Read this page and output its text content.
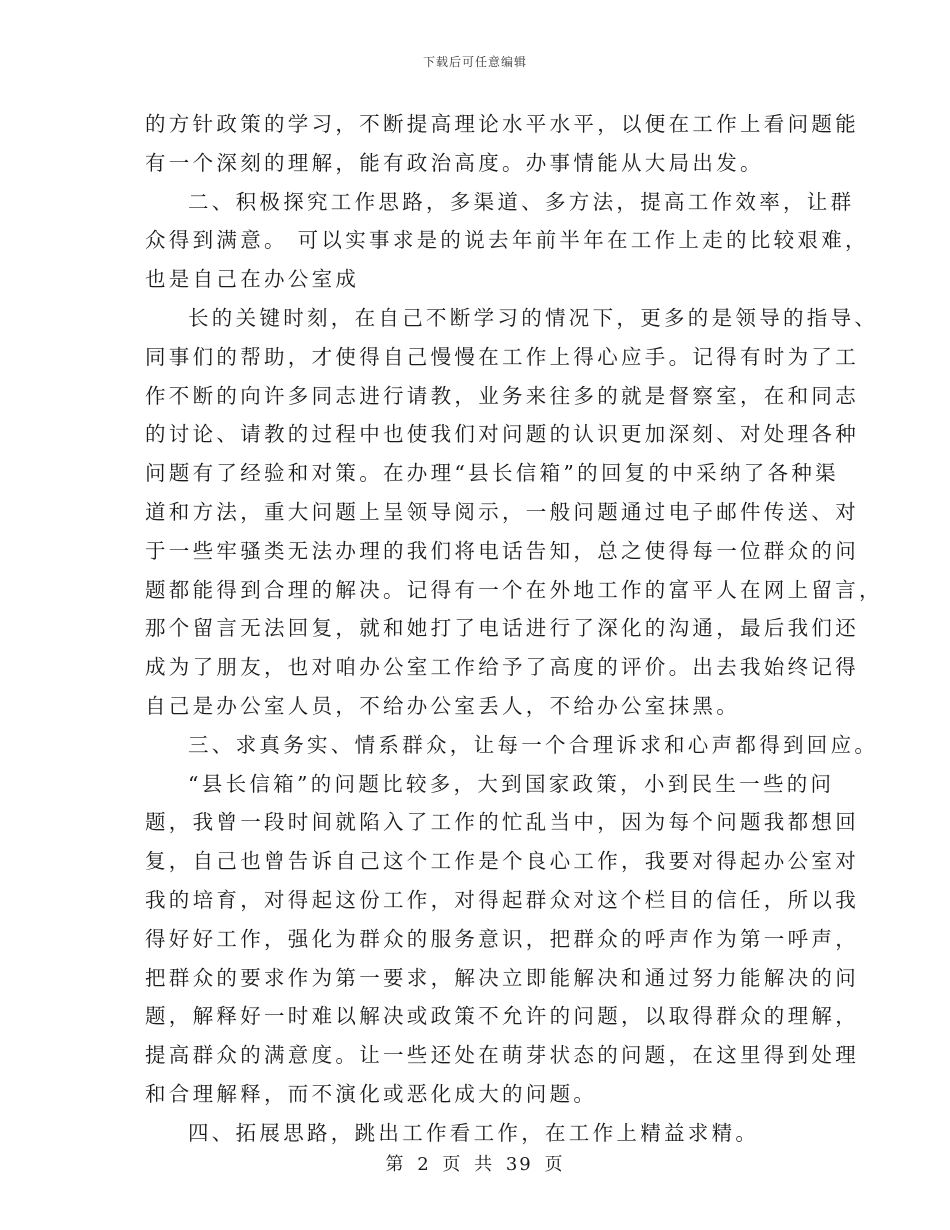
下载后可任意编辑
的方针政策的学习，不断提高理论水平水平，以便在工作上看问题能
有一个深刻的理解，能有政治高度。办事情能从大局出发。
二、积极探究工作思路，多渠道、多方法，提高工作效率，让群
众得到满意。 可以实事求是的说去年前半年在工作上走的比较艰难，
也是自己在办公室成
长的关键时刻，在自己不断学习的情况下，更多的是领导的指导、
同事们的帮助，才使得自己慢慢在工作上得心应手。记得有时为了工
作不断的向许多同志进行请教，业务来往多的就是督察室，在和同志
的讨论、请教的过程中也使我们对问题的认识更加深刻、对处理各种
问题有了经验和对策。在办理“县长信箱”的回复的中采纳了各种渠
道和方法，重大问题上呈领导阅示，一般问题通过电子邮件传送、对
于一些牢骚类无法办理的我们将电话告知，总之使得每一位群众的问
题都能得到合理的解决。记得有一个在外地工作的富平人在网上留言，
那个留言无法回复，就和她打了电话进行了深化的沟通，最后我们还
成为了朋友，也对咱办公室工作给予了高度的评价。出去我始终记得
自己是办公室人员，不给办公室丢人，不给办公室抹黑。
三、求真务实、情系群众，让每一个合理诉求和心声都得到回应。
“县长信箱”的问题比较多，大到国家政策，小到民生一些的问
题，我曾一段时间就陷入了工作的忙乱当中，因为每个问题我都想回
复，自己也曾告诉自己这个工作是个良心工作，我要对得起办公室对
我的培育，对得起这份工作，对得起群众对这个栏目的信任，所以我
得好好工作，强化为群众的服务意识，把群众的呼声作为第一呼声，
把群众的要求作为第一要求，解决立即能解决和通过努力能解决的问
题，解释好一时难以解决或政策不允许的问题，以取得群众的理解，
提高群众的满意度。让一些还处在萌芽状态的问题，在这里得到处理
和合理解释，而不演化或恶化成大的问题。
四、拓展思路，跳出工作看工作，在工作上精益求精。
第 2 页 共 39 页
